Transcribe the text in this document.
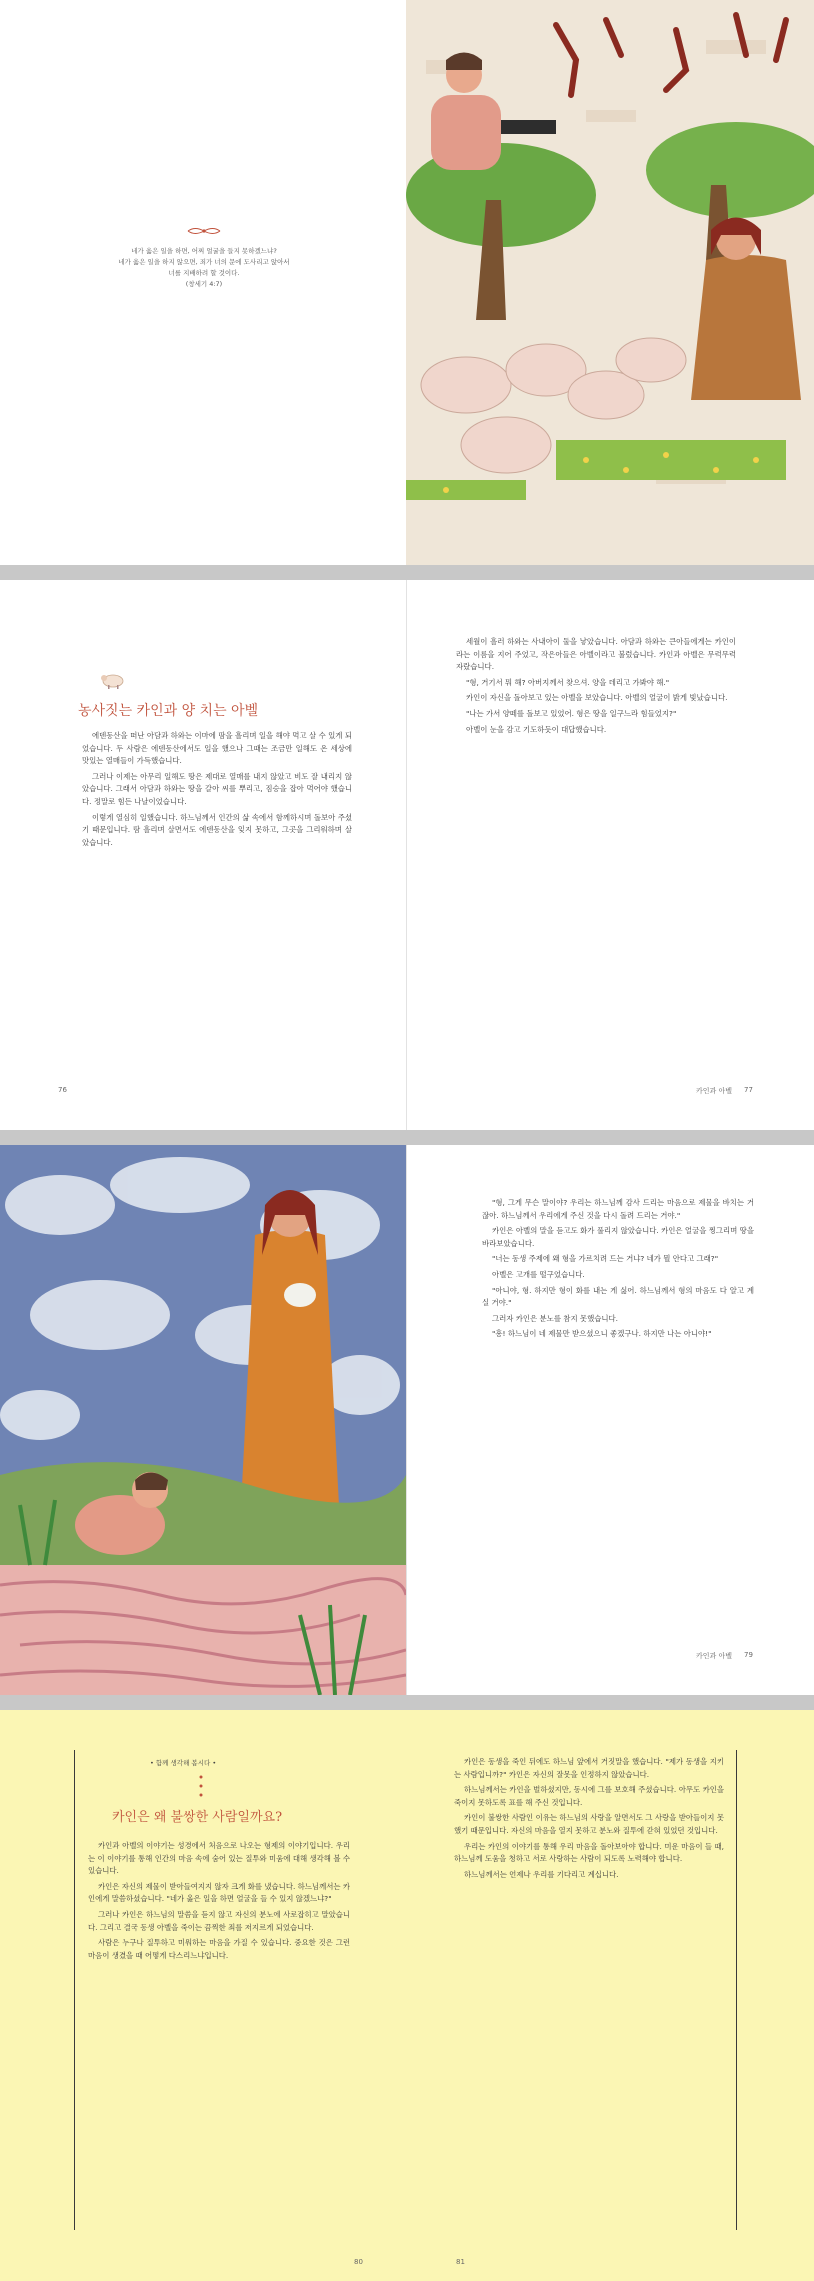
네가 옳은 일을 하면, 어찌 얼굴을 들지 못하겠느냐?
네가 옳은 일을 하지 않으면, 죄가 너의 문에 도사리고 앉아서
너를 지배하려 할 것이다.
(창세기 4:7)
농사짓는 카인과 양 치는 아벨

에덴동산을 떠난 아담과 하와는 이마에 땀을 흘리며 일을 해야 먹고 살 수 있게 되었습니다. 두 사람은 에덴동산에서도 일을 했으나 그때는 조금만 일해도 온 세상에 맛있는 열매들이 가득했습니다.

그러나 이제는 아무리 일해도 땅은 제대로 열매를 내지 않았고 비도 잘 내리지 않았습니다. 그래서 아담과 하와는 땅을 갈아 씨를 뿌리고, 짐승을 잡아 먹어야 했습니다. 정말로 힘든 나날이었습니다.

이렇게 열심히 일했습니다. 하느님께서 인간의 삶 속에서 함께하시며 돌보아 주셨기 때문입니다. 땀 흘리며 살면서도 에덴동산을 잊지 못하고, 그곳을 그리워하며 살았습니다.

76

세월이 흘러 하와는 사내아이 둘을 낳았습니다. 아담과 하와는 큰아들에게는 카인이라는 이름을 지어 주었고, 작은아들은 아벨이라고 불렀습니다. 카인과 아벨은 무럭무럭 자랐습니다.

"형, 거기서 뭐 해? 아버지께서 찾으셔. 양을 데리고 가봐야 해."

카인이 자신을 돌아보고 있는 아벨을 보았습니다. 아벨의 얼굴이 밝게 빛났습니다.

"나는 가서 양떼를 돌보고 있었어. 형은 땅을 일구느라 힘들었지?"

아벨이 눈을 감고 기도하듯이 대답했습니다.

카인과 아벨 77

"형, 그게 무슨 말이야? 우리는 하느님께 감사 드리는 마음으로 제물을 바치는 거잖아. 하느님께서 우리에게 주신 것을 다시 돌려 드리는 거야."

카인은 아벨의 말을 듣고도 화가 풀리지 않았습니다. 카인은 얼굴을 찡그리며 땅을 바라보았습니다.

"너는 동생 주제에 왜 형을 가르치려 드는 거냐? 네가 뭘 안다고 그래?"

아벨은 고개를 떨구었습니다.

"아니야, 형. 하지만 형이 화를 내는 게 싫어. 하느님께서 형의 마음도 다 알고 계실 거야."

그러자 카인은 분노를 참지 못했습니다.

"흥! 하느님이 네 제물만 받으셨으니 좋겠구나. 하지만 나는 아니야!"

카인과 아벨 79
• 함께 생각해 봅시다 •
카인은 왜 불쌍한 사람일까요?

카인과 아벨의 이야기는 성경에서 처음으로 나오는 형제의 이야기입니다. 우리는 이 이야기를 통해 인간의 마음 속에 숨어 있는 질투와 미움에 대해 생각해 볼 수 있습니다.

카인은 자신의 제물이 받아들여지지 않자 크게 화를 냈습니다. 하느님께서는 카인에게 말씀하셨습니다. "네가 옳은 일을 하면 얼굴을 들 수 있지 않겠느냐?"

그러나 카인은 하느님의 말씀을 듣지 않고 자신의 분노에 사로잡히고 말았습니다. 그리고 결국 동생 아벨을 죽이는 끔찍한 죄를 저지르게 되었습니다.

사람은 누구나 질투하고 미워하는 마음을 가질 수 있습니다. 중요한 것은 그런 마음이 생겼을 때 어떻게 다스리느냐입니다.

80

카인은 동생을 죽인 뒤에도 하느님 앞에서 거짓말을 했습니다. "제가 동생을 지키는 사람입니까?" 카인은 자신의 잘못을 인정하지 않았습니다.

하느님께서는 카인을 벌하셨지만, 동시에 그를 보호해 주셨습니다. 아무도 카인을 죽이지 못하도록 표를 해 주신 것입니다.

카인이 불쌍한 사람인 이유는 하느님의 사랑을 알면서도 그 사랑을 받아들이지 못했기 때문입니다. 자신의 마음을 열지 못하고 분노와 질투에 갇혀 있었던 것입니다.

우리는 카인의 이야기를 통해 우리 마음을 돌아보아야 합니다. 미운 마음이 들 때, 하느님께 도움을 청하고 서로 사랑하는 사람이 되도록 노력해야 합니다.

하느님께서는 언제나 우리를 기다리고 계십니다.

81
